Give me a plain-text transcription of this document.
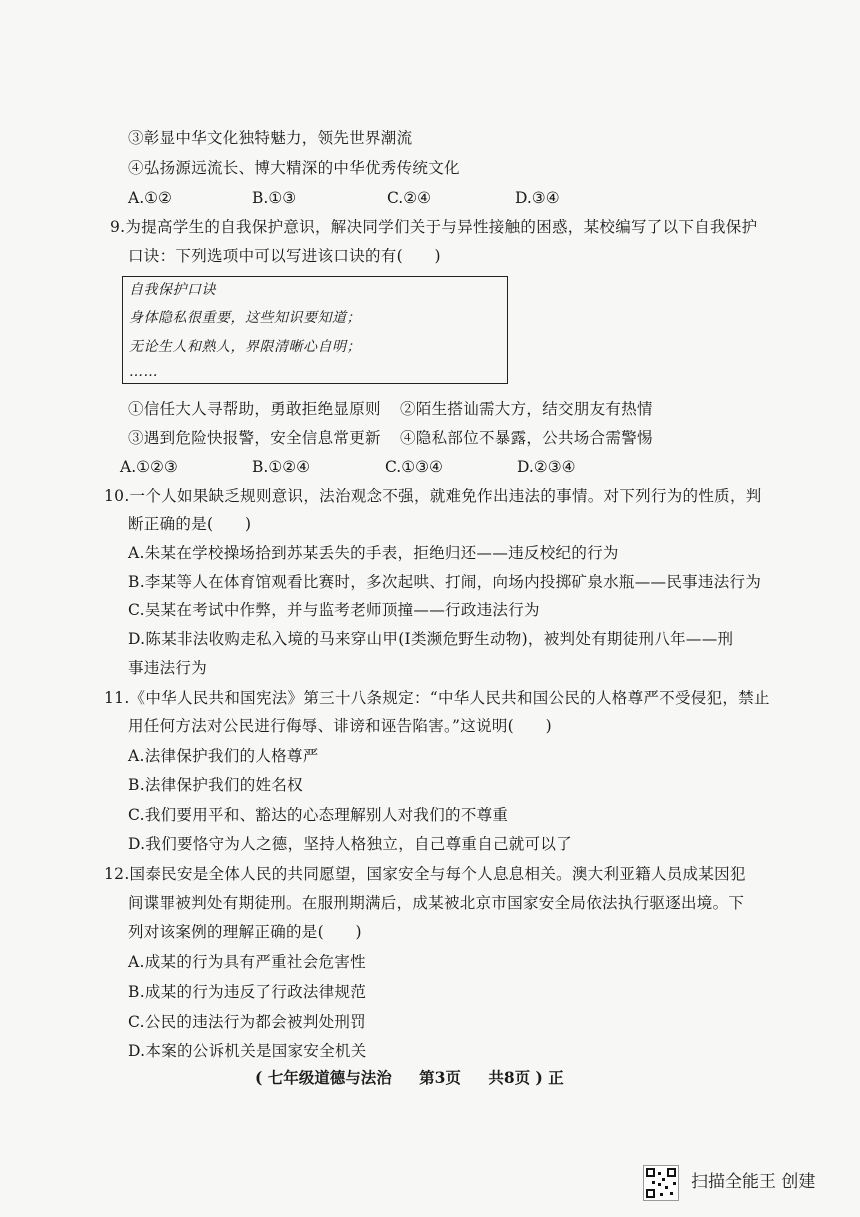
③彰显中华文化独特魅力，领先世界潮流
④弘扬源远流长、博大精深的中华优秀传统文化
A.①②	B.①③	C.②④	D.③④
9.为提高学生的自我保护意识，解决同学们关于与异性接触的困惑，某校编写了以下自我保护
口诀：下列选项中可以写进该口诀的有(　　)
自我保护口诀
身体隐私很重要，这些知识要知道；
无论生人和熟人，界限清晰心自明；
……
①信任大人寻帮助，勇敢拒绝显原则 ②陌生搭讪需大方，结交朋友有热情
③遇到危险快报警，安全信息常更新 ④隐私部位不暴露，公共场合需警惕
A.①②③	B.①②④	C.①③④	D.②③④
10.一个人如果缺乏规则意识，法治观念不强，就难免作出违法的事情。对下列行为的性质，判
断正确的是(　　)
A.朱某在学校操场拾到苏某丢失的手表，拒绝归还——违反校纪的行为
B.李某等人在体育馆观看比赛时，多次起哄、打闹，向场内投掷矿泉水瓶——民事违法行为
C.吴某在考试中作弊，并与监考老师顶撞——行政违法行为
D.陈某非法收购走私入境的马来穿山甲(Ⅰ类濒危野生动物)，被判处有期徒刑八年——刑
事违法行为
11.《中华人民共和国宪法》第三十八条规定：“中华人民共和国公民的人格尊严不受侵犯，禁止
用任何方法对公民进行侮辱、诽谤和诬告陷害。”这说明(　　)
A.法律保护我们的人格尊严
B.法律保护我们的姓名权
C.我们要用平和、豁达的心态理解别人对我们的不尊重
D.我们要恪守为人之德，坚持人格独立，自己尊重自己就可以了
12.国泰民安是全体人民的共同愿望，国家安全与每个人息息相关。澳大利亚籍人员成某因犯
间谍罪被判处有期徒刑。在服刑期满后，成某被北京市国家安全局依法执行驱逐出境。下
列对该案例的理解正确的是(　　)
A.成某的行为具有严重社会危害性
B.成某的行为违反了行政法律规范
C.公民的违法行为都会被判处刑罚
D.本案的公诉机关是国家安全机关
( 七年级道德与法治 第3页 共8页 ) 正
扫描全能王 创建
